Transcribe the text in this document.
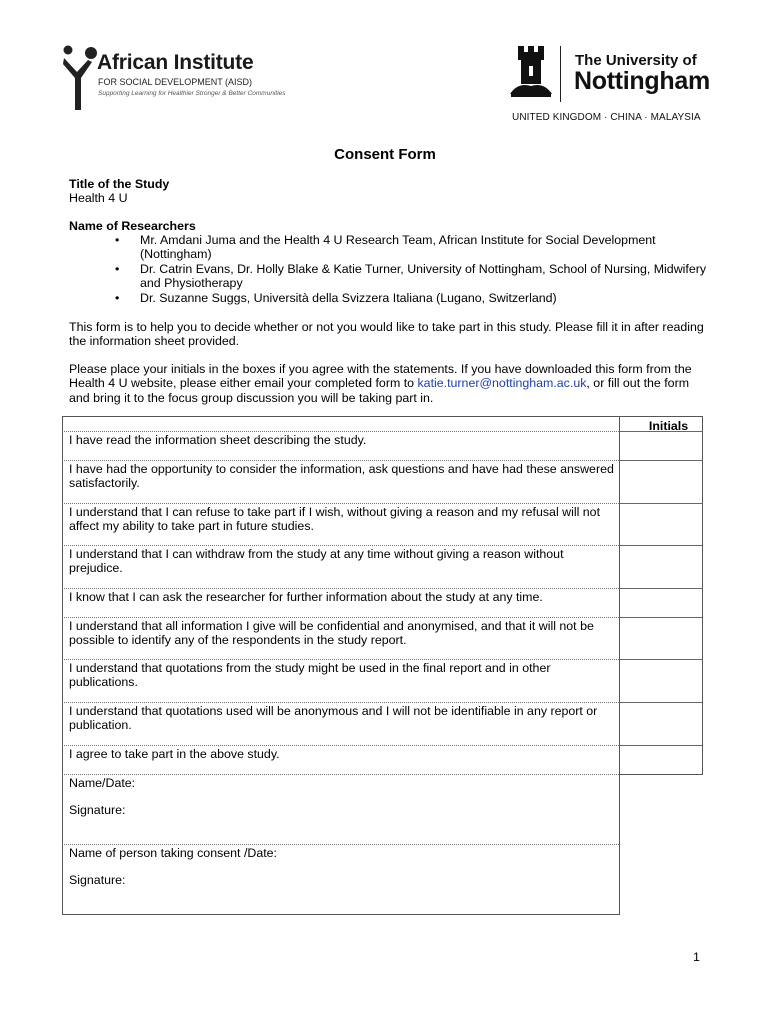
African Institute
FOR SOCIAL DEVELOPMENT (AISD)
Supporting Learning for Healthier Stronger & Better Communities
The University of
Nottingham
UNITED KINGDOM · CHINA · MALAYSIA
Consent Form
Title of the Study
Health 4 U
Name of Researchers
• Mr. Amdani Juma and the Health 4 U Research Team, African Institute for Social Development (Nottingham)
• Dr. Catrin Evans, Dr. Holly Blake & Katie Turner, University of Nottingham, School of Nursing, Midwifery and Physiotherapy
• Dr. Suzanne Suggs, Università della Svizzera Italiana (Lugano, Switzerland)
This form is to help you to decide whether or not you would like to take part in this study. Please fill it in after reading the information sheet provided.
Please place your initials in the boxes if you agree with the statements. If you have downloaded this form from the Health 4 U website, please either email your completed form to katie.turner@nottingham.ac.uk, or fill out the form and bring it to the focus group discussion you will be taking part in.
Initials
I have read the information sheet describing the study.
I have had the opportunity to consider the information, ask questions and have had these answered satisfactorily.
I understand that I can refuse to take part if I wish, without giving a reason and my refusal will not affect my ability to take part in future studies.
I understand that I can withdraw from the study at any time without giving a reason without prejudice.
I know that I can ask the researcher for further information about the study at any time.
I understand that all information I give will be confidential and anonymised, and that it will not be possible to identify any of the respondents in the study report.
I understand that quotations from the study might be used in the final report and in other publications.
I understand that quotations used will be anonymous and I will not be identifiable in any report or publication.
I agree to take part in the above study.
Name/Date:
Signature:
Name of person taking consent /Date:
Signature:
1
